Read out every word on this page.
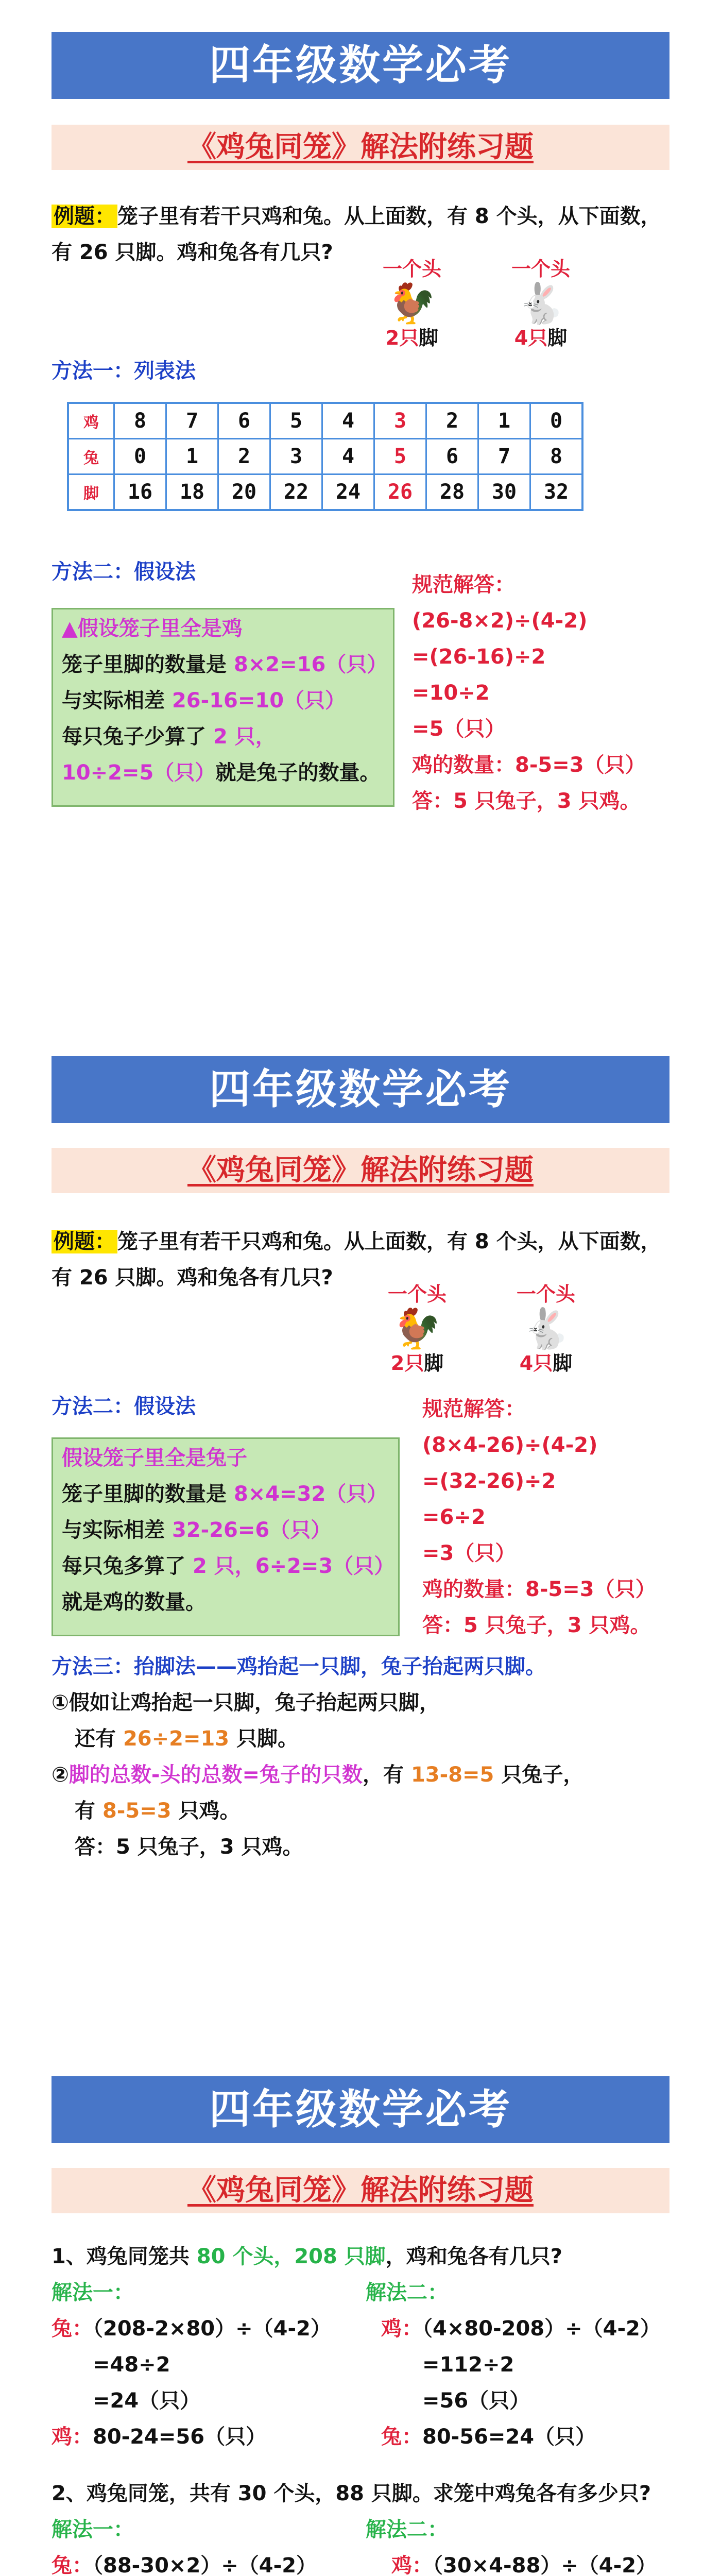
四年级数学必考
《鸡兔同笼》解法附练习题
例题： 笼子里有若干只鸡和兔。从上面数，有 8 个头，从下面数，
有 26 只脚。鸡和兔各有几只?
一个头
🐓
2只脚
一个头
🐇
4只脚
方法一：列表法
鸡	8	7	6	5	4	3	2	1	0
兔	0	1	2	3	4	5	6	7	8
脚	16	18	20	22	24	26	28	30	32
方法二：假设法
▲假设笼子里全是鸡
笼子里脚的数量是 8×2=16（只）
与实际相差 26-16=10（只）
每只兔子少算了 2 只，
10÷2=5（只）就是兔子的数量。
规范解答：
(26-8×2)÷(4-2)
=(26-16)÷2
=10÷2
=5（只）
鸡的数量：8-5=3（只）
答：5 只兔子，3 只鸡。
四年级数学必考
《鸡兔同笼》解法附练习题
例题： 笼子里有若干只鸡和兔。从上面数，有 8 个头，从下面数，
有 26 只脚。鸡和兔各有几只?
一个头
🐓
2只脚
一个头
🐇
4只脚
方法二：假设法
假设笼子里全是兔子
笼子里脚的数量是 8×4=32（只）
与实际相差 32-26=6（只）
每只兔多算了 2 只，6÷2=3（只）
就是鸡的数量。
规范解答：
(8×4-26)÷(4-2)
=(32-26)÷2
=6÷2
=3（只）
鸡的数量：8-5=3（只）
答：5 只兔子，3 只鸡。
方法三：抬脚法——鸡抬起一只脚，兔子抬起两只脚。
①假如让鸡抬起一只脚，兔子抬起两只脚，
还有 26÷2=13 只脚。
②脚的总数-头的总数=兔子的只数，有 13-8=5 只兔子，
有 8-5=3 只鸡。
答：5 只兔子，3 只鸡。
四年级数学必考
《鸡兔同笼》解法附练习题
1、鸡兔同笼共 80 个头，208 只脚，鸡和兔各有几只?
解法一：	解法二：
兔：（208-2×80）÷（4-2）
=48÷2
=24（只）
鸡：80-24=56（只）
鸡：（4×80-208）÷（4-2）
=112÷2
=56（只）
兔：80-56=24（只）
2、鸡兔同笼，共有 30 个头，88 只脚。求笼中鸡兔各有多少只?
解法一：	解法二：
兔：（88-30×2）÷（4-2）	鸡：（30×4-88）÷（4-2）
